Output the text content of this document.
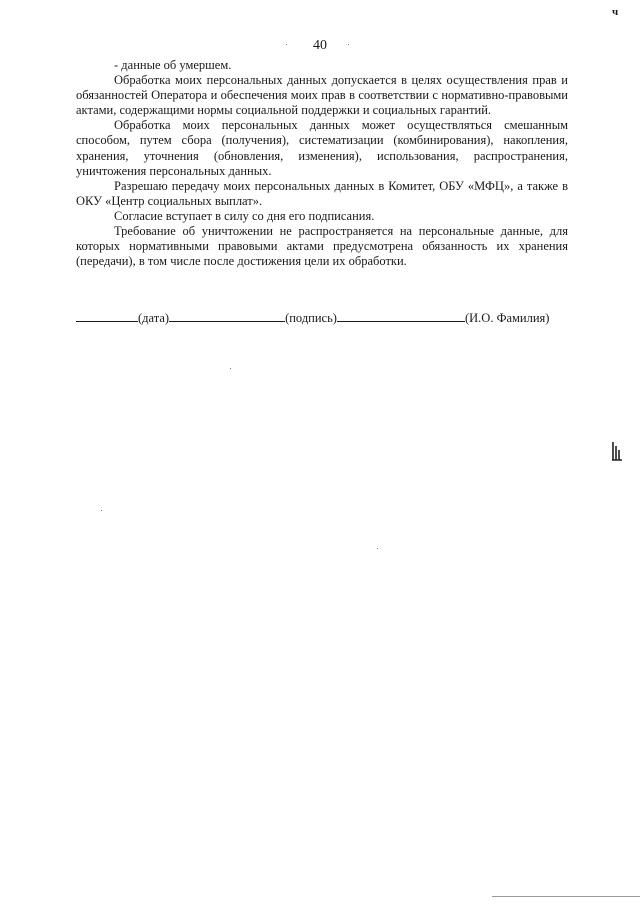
ч
40

- данные об умершем.

Обработка моих персональных данных допускается в целях осуществления прав и обязанностей Оператора и обеспечения моих прав в соответствии с нормативно-правовыми актами, содержащими нормы социальной поддержки и социальных гарантий.

Обработка моих персональных данных может осуществляться смешанным способом, путем сбора (получения), систематизации (комбинирования), накопления, хранения, уточнения (обновления, изменения), использования, распространения, уничтожения персональных данных.

Разрешаю передачу моих персональных данных в Комитет, ОБУ «МФЦ», а также в ОКУ «Центр социальных выплат».

Согласие вступает в силу со дня его подписания.

Требование об уничтожении не распространяется на персональные данные, для которых нормативными правовыми актами предусмотрена обязанность их хранения (передачи), в том числе после достижения цели их обработки.

(дата)	(подпись)	(И.О. Фамилия)
